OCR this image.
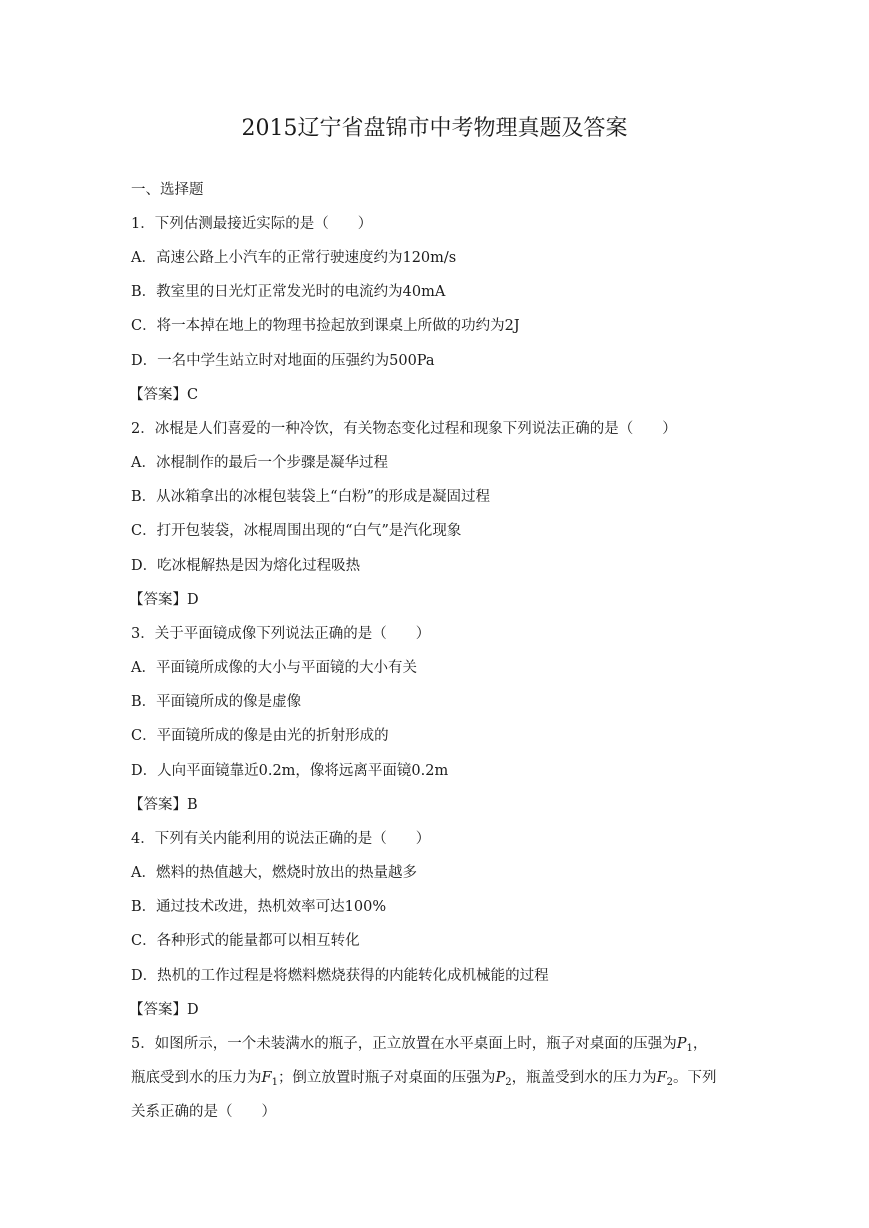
2015辽宁省盘锦市中考物理真题及答案
一、选择题
1．下列估测最接近实际的是（　　）
A．高速公路上小汽车的正常行驶速度约为120m/s
B．教室里的日光灯正常发光时的电流约为40mA
C．将一本掉在地上的物理书捡起放到课桌上所做的功约为2J
D．一名中学生站立时对地面的压强约为500Pa
【答案】C
2．冰棍是人们喜爱的一种冷饮，有关物态变化过程和现象下列说法正确的是（　　）
A．冰棍制作的最后一个步骤是凝华过程
B．从冰箱拿出的冰棍包装袋上“白粉”的形成是凝固过程
C．打开包装袋，冰棍周围出现的“白气”是汽化现象
D．吃冰棍解热是因为熔化过程吸热
【答案】D
3．关于平面镜成像下列说法正确的是（　　）
A．平面镜所成像的大小与平面镜的大小有关
B．平面镜所成的像是虚像
C．平面镜所成的像是由光的折射形成的
D．人向平面镜靠近0.2m，像将远离平面镜0.2m
【答案】B
4．下列有关内能利用的说法正确的是（　　）
A．燃料的热值越大，燃烧时放出的热量越多
B．通过技术改进，热机效率可达100%
C．各种形式的能量都可以相互转化
D．热机的工作过程是将燃料燃烧获得的内能转化成机械能的过程
【答案】D
5．如图所示，一个未装满水的瓶子，正立放置在水平桌面上时，瓶子对桌面的压强为$P_1$，
瓶底受到水的压力为$F_1$；倒立放置时瓶子对桌面的压强为$P_2$，瓶盖受到水的压力为$F_2$。下列
关系正确的是（　　）
